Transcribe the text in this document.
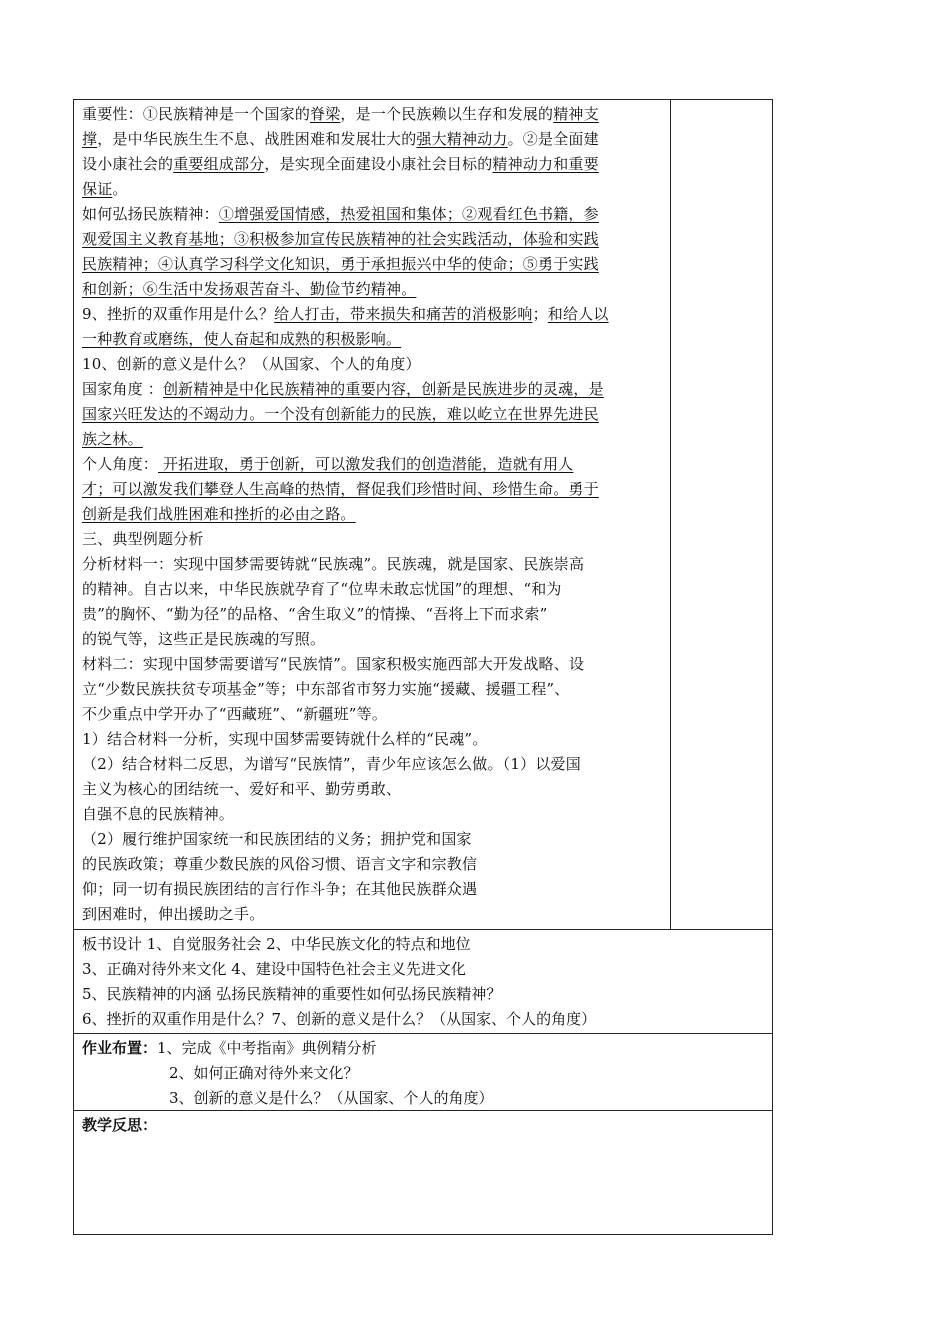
重要性：①民族精神是一个国家的脊梁，是一个民族赖以生存和发展的精神支
撑，是中华民族生生不息、战胜困难和发展壮大的强大精神动力。②是全面建
设小康社会的重要组成部分，是实现全面建设小康社会目标的精神动力和重要
保证。
如何弘扬民族精神：①增强爱国情感，热爱祖国和集体；②观看红色书籍，参
观爱国主义教育基地；③积极参加宣传民族精神的社会实践活动，体验和实践
民族精神；④认真学习科学文化知识，勇于承担振兴中华的使命；⑤勇于实践
和创新；⑥生活中发扬艰苦奋斗、勤俭节约精神。
9、挫折的双重作用是什么？给人打击，带来损失和痛苦的消极影响；和给人以
一种教育或磨练，使人奋起和成熟的积极影响。
10、创新的意义是什么？（从国家、个人的角度）
国家角度 ：创新精神是中化民族精神的重要内容，创新是民族进步的灵魂，是
国家兴旺发达的不竭动力。一个没有创新能力的民族，难以屹立在世界先进民
族之林。
个人角度： 开拓进取，勇于创新，可以激发我们的创造潜能，造就有用人
才；可以激发我们攀登人生高峰的热情，督促我们珍惜时间、珍惜生命。勇于
创新是我们战胜困难和挫折的必由之路。
三、典型例题分析
分析材料一：实现中国梦需要铸就“民族魂”。民族魂，就是国家、民族崇高
的精神。自古以来，中华民族就孕育了“位卑未敢忘忧国”的理想、“和为
贵”的胸怀、“勤为径”的品格、“舍生取义”的情操、“吾将上下而求索”
的锐气等，这些正是民族魂的写照。
材料二：实现中国梦需要谱写“民族情”。国家积极实施西部大开发战略、设
立“少数民族扶贫专项基金”等；中东部省市努力实施“援藏、援疆工程”、
不少重点中学开办了“西藏班”、“新疆班”等。
1）结合材料一分析，实现中国梦需要铸就什么样的“民魂”。
（2）结合材料二反思，为谱写“民族情”，青少年应该怎么做。（1）以爱国
主义为核心的团结统一、爱好和平、勤劳勇敢、
自强不息的民族精神。
（2）履行维护国家统一和民族团结的义务；拥护党和国家
的民族政策；尊重少数民族的风俗习惯、语言文字和宗教信
仰；同一切有损民族团结的言行作斗争；在其他民族群众遇
到困难时，伸出援助之手。

板书设计 1、自觉服务社会 2、中华民族文化的特点和地位
3、正确对待外来文化 4、建设中国特色社会主义先进文化
5、民族精神的内涵 弘扬民族精神的重要性如何弘扬民族精神？
6、挫折的双重作用是什么？7、创新的意义是什么？（从国家、个人的角度）

作业布置：1、完成《中考指南》典例精分析
2、如何正确对待外来文化？
3、创新的意义是什么？（从国家、个人的角度）

教学反思：
